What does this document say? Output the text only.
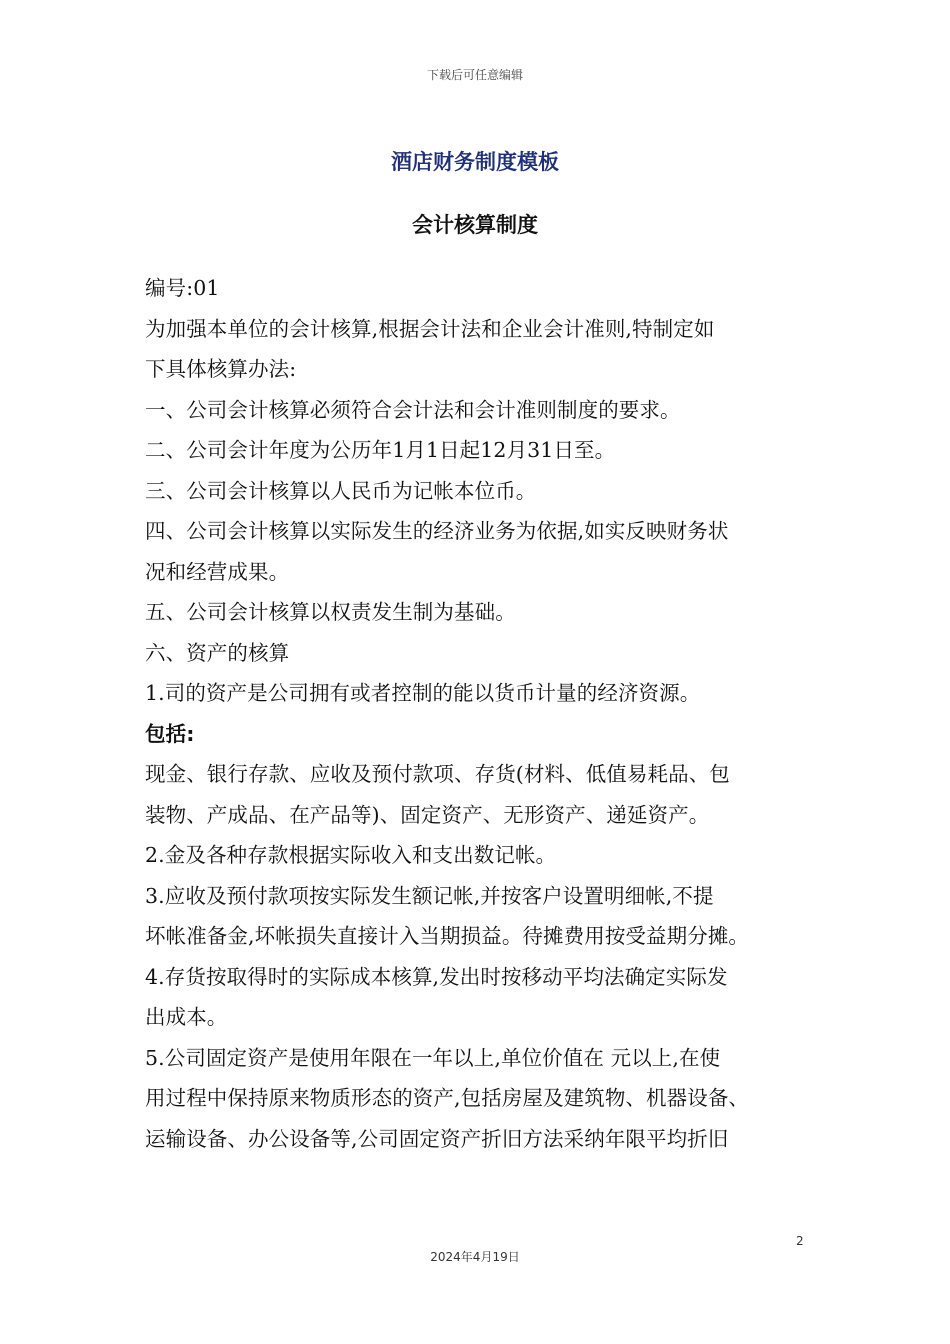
下载后可任意编辑
酒店财务制度模板
会计核算制度
编号:01
为加强本单位的会计核算,根据会计法和企业会计准则,特制定如
下具体核算办法:
一、公司会计核算必须符合会计法和会计准则制度的要求。
二、公司会计年度为公历年1月1日起12月31日至。
三、公司会计核算以人民币为记帐本位币。
四、公司会计核算以实际发生的经济业务为依据,如实反映财务状
况和经营成果。
五、公司会计核算以权责发生制为基础。
六、资产的核算
1.司的资产是公司拥有或者控制的能以货币计量的经济资源。
包括:
现金、银行存款、应收及预付款项、存货(材料、低值易耗品、包
装物、产成品、在产品等)、固定资产、无形资产、递延资产。
2.金及各种存款根据实际收入和支出数记帐。
3.应收及预付款项按实际发生额记帐,并按客户设置明细帐,不提
坏帐准备金,坏帐损失直接计入当期损益。待摊费用按受益期分摊。
4.存货按取得时的实际成本核算,发出时按移动平均法确定实际发
出成本。
5.公司固定资产是使用年限在一年以上,单位价值在 元以上,在使
用过程中保持原来物质形态的资产,包括房屋及建筑物、机器设备、
运输设备、办公设备等,公司固定资产折旧方法采纳年限平均折旧
2
2024年4月19日
